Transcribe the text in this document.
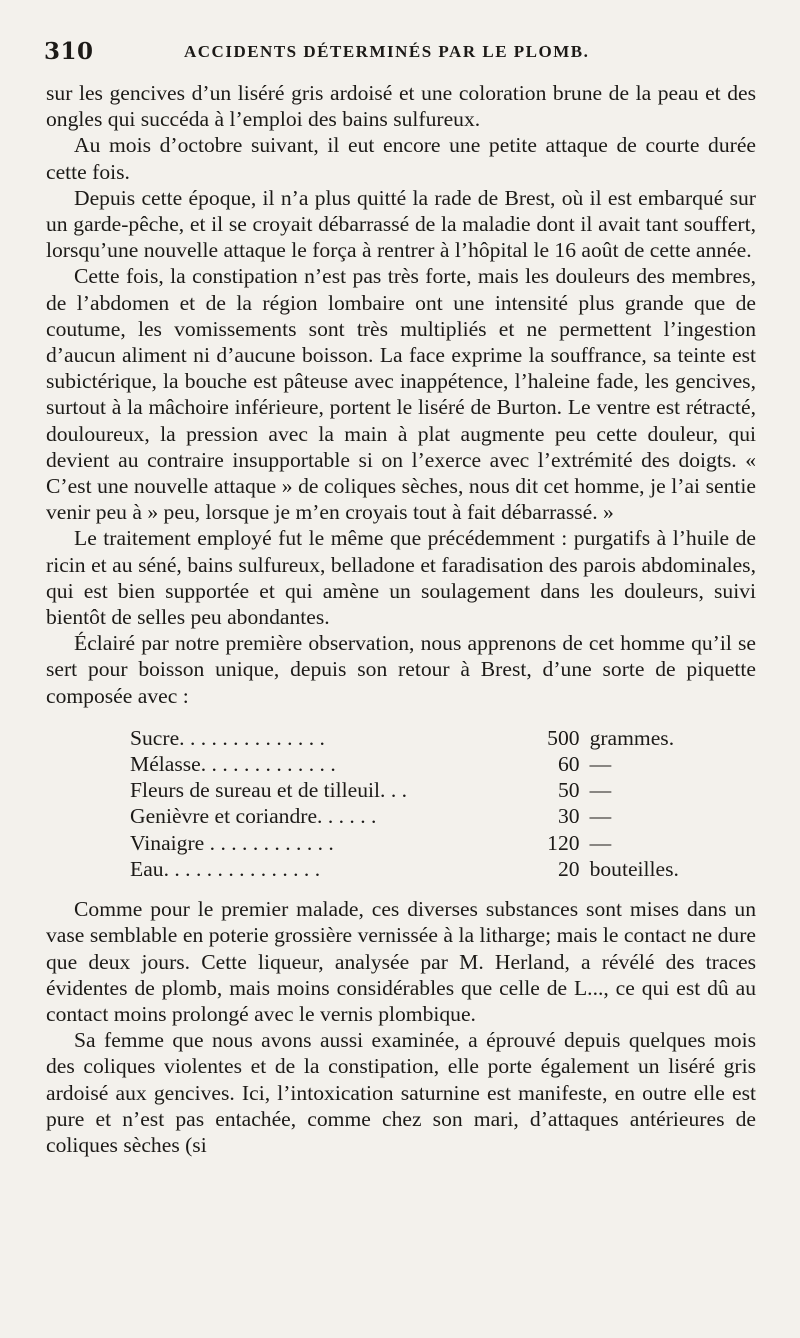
310	ACCIDENTS DÉTERMINÉS PAR LE PLOMB.

sur les gencives d’un liséré gris ardoisé et une coloration brune de la peau et des ongles qui succéda à l’emploi des bains sulfureux.

Au mois d’octobre suivant, il eut encore une petite attaque de courte durée cette fois.

Depuis cette époque, il n’a plus quitté la rade de Brest, où il est embarqué sur un garde-pêche, et il se croyait débarrassé de la maladie dont il avait tant souffert, lorsqu’une nouvelle attaque le força à rentrer à l’hôpital le 16 août de cette année.

Cette fois, la constipation n’est pas très forte, mais les douleurs des membres, de l’abdomen et de la région lombaire ont une intensité plus grande que de coutume, les vomissements sont très multipliés et ne permettent l’ingestion d’aucun aliment ni d’aucune boisson. La face exprime la souffrance, sa teinte est subictérique, la bouche est pâteuse avec inappétence, l’haleine fade, les gencives, surtout à la mâchoire inférieure, portent le liséré de Burton. Le ventre est rétracté, douloureux, la pression avec la main à plat augmente peu cette douleur, qui devient au contraire insupportable si on l’exerce avec l’extrémité des doigts. « C’est une nouvelle attaque » de coliques sèches, nous dit cet homme, je l’ai sentie venir peu à » peu, lorsque je m’en croyais tout à fait débarrassé. »

Le traitement employé fut le même que précédemment : purgatifs à l’huile de ricin et au séné, bains sulfureux, belladone et faradisation des parois abdominales, qui est bien supportée et qui amène un soulagement dans les douleurs, suivi bientôt de selles peu abondantes.

Éclairé par notre première observation, nous apprenons de cet homme qu’il se sert pour boisson unique, depuis son retour à Brest, d’une sorte de piquette composée avec :

Sucre. . . . . . . . . . . . . .	500	grammes.
Mélasse. . . . . . . . . . . . .	60	—
Fleurs de sureau et de tilleuil. . .	50	—
Genièvre et coriandre. . . . . .	30	—
Vinaigre . . . . . . . . . . . .	120	—
Eau. . . . . . . . . . . . . . .	20	bouteilles.

Comme pour le premier malade, ces diverses substances sont mises dans un vase semblable en poterie grossière vernissée à la litharge; mais le contact ne dure que deux jours. Cette liqueur, analysée par M. Herland, a révélé des traces évidentes de plomb, mais moins considérables que celle de L..., ce qui est dû au contact moins prolongé avec le vernis plombique.

Sa femme que nous avons aussi examinée, a éprouvé depuis quelques mois des coliques violentes et de la constipation, elle porte également un liséré gris ardoisé aux gencives. Ici, l’intoxication saturnine est manifeste, en outre elle est pure et n’est pas entachée, comme chez son mari, d’attaques antérieures de coliques sèches (si
